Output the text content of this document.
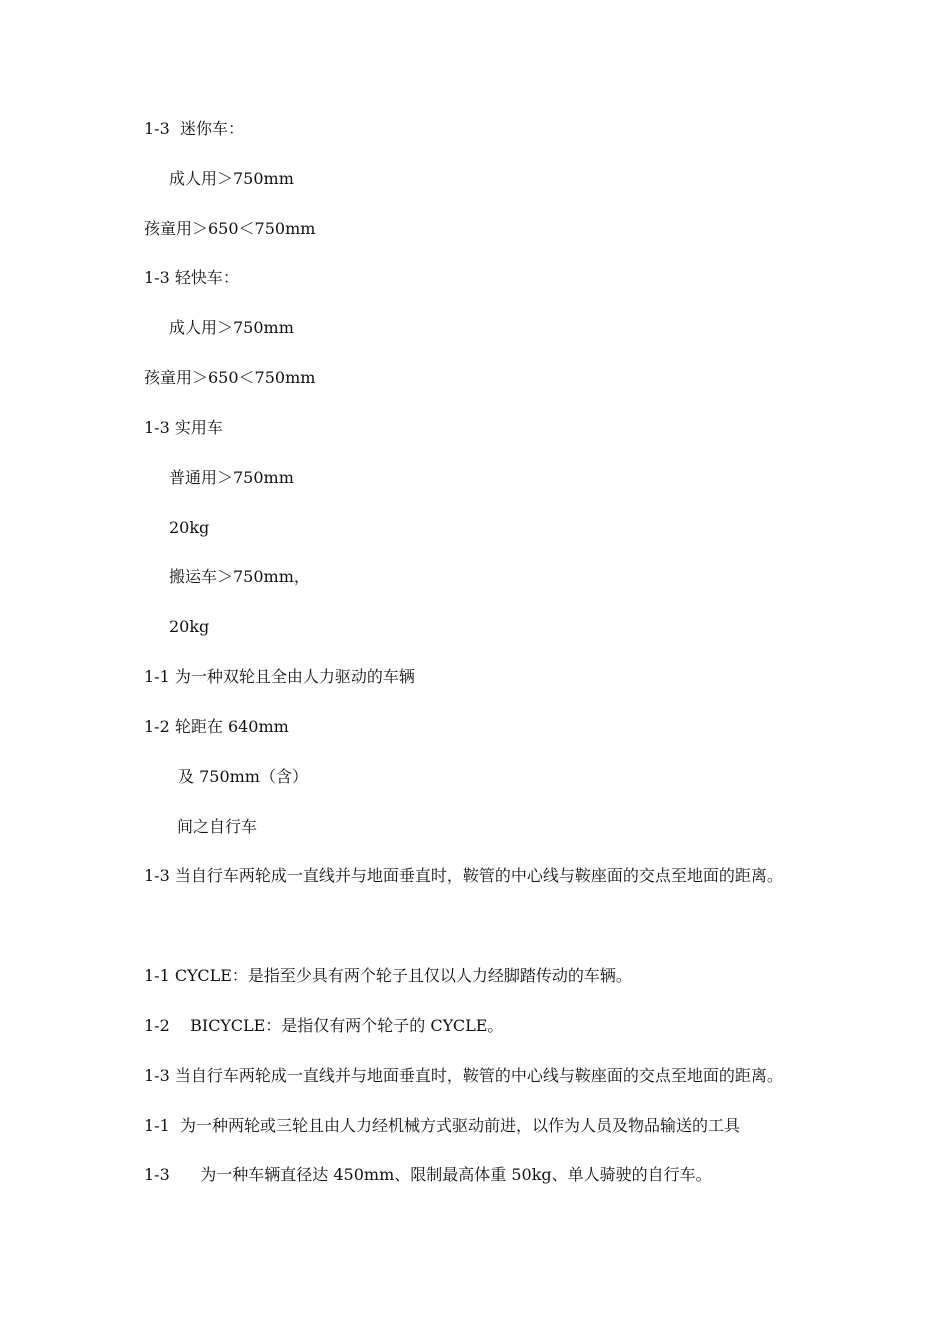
1-3  迷你车：
成人用＞750mm
孩童用＞650＜750mm
1-3 轻快车：
成人用＞750mm
孩童用＞650＜750mm
1-3 实用车
普通用＞750mm
20kg
搬运车＞750mm，
20kg
1-1 为一种双轮且全由人力驱动的车辆
1-2 轮距在 640mm
及 750mm（含）
间之自行车
1-3 当自行车两轮成一直线并与地面垂直时，鞍管的中心线与鞍座面的交点至地面的距离。
1-1 CYCLE：是指至少具有两个轮子且仅以人力经脚踏传动的车辆。
1-2    BICYCLE：是指仅有两个轮子的 CYCLE。
1-3 当自行车两轮成一直线并与地面垂直时，鞍管的中心线与鞍座面的交点至地面的距离。
1-1  为一种两轮或三轮且由人力经机械方式驱动前进，以作为人员及物品输送的工具
1-3      为一种车辆直径达 450mm、限制最高体重 50kg、单人骑驶的自行车。
